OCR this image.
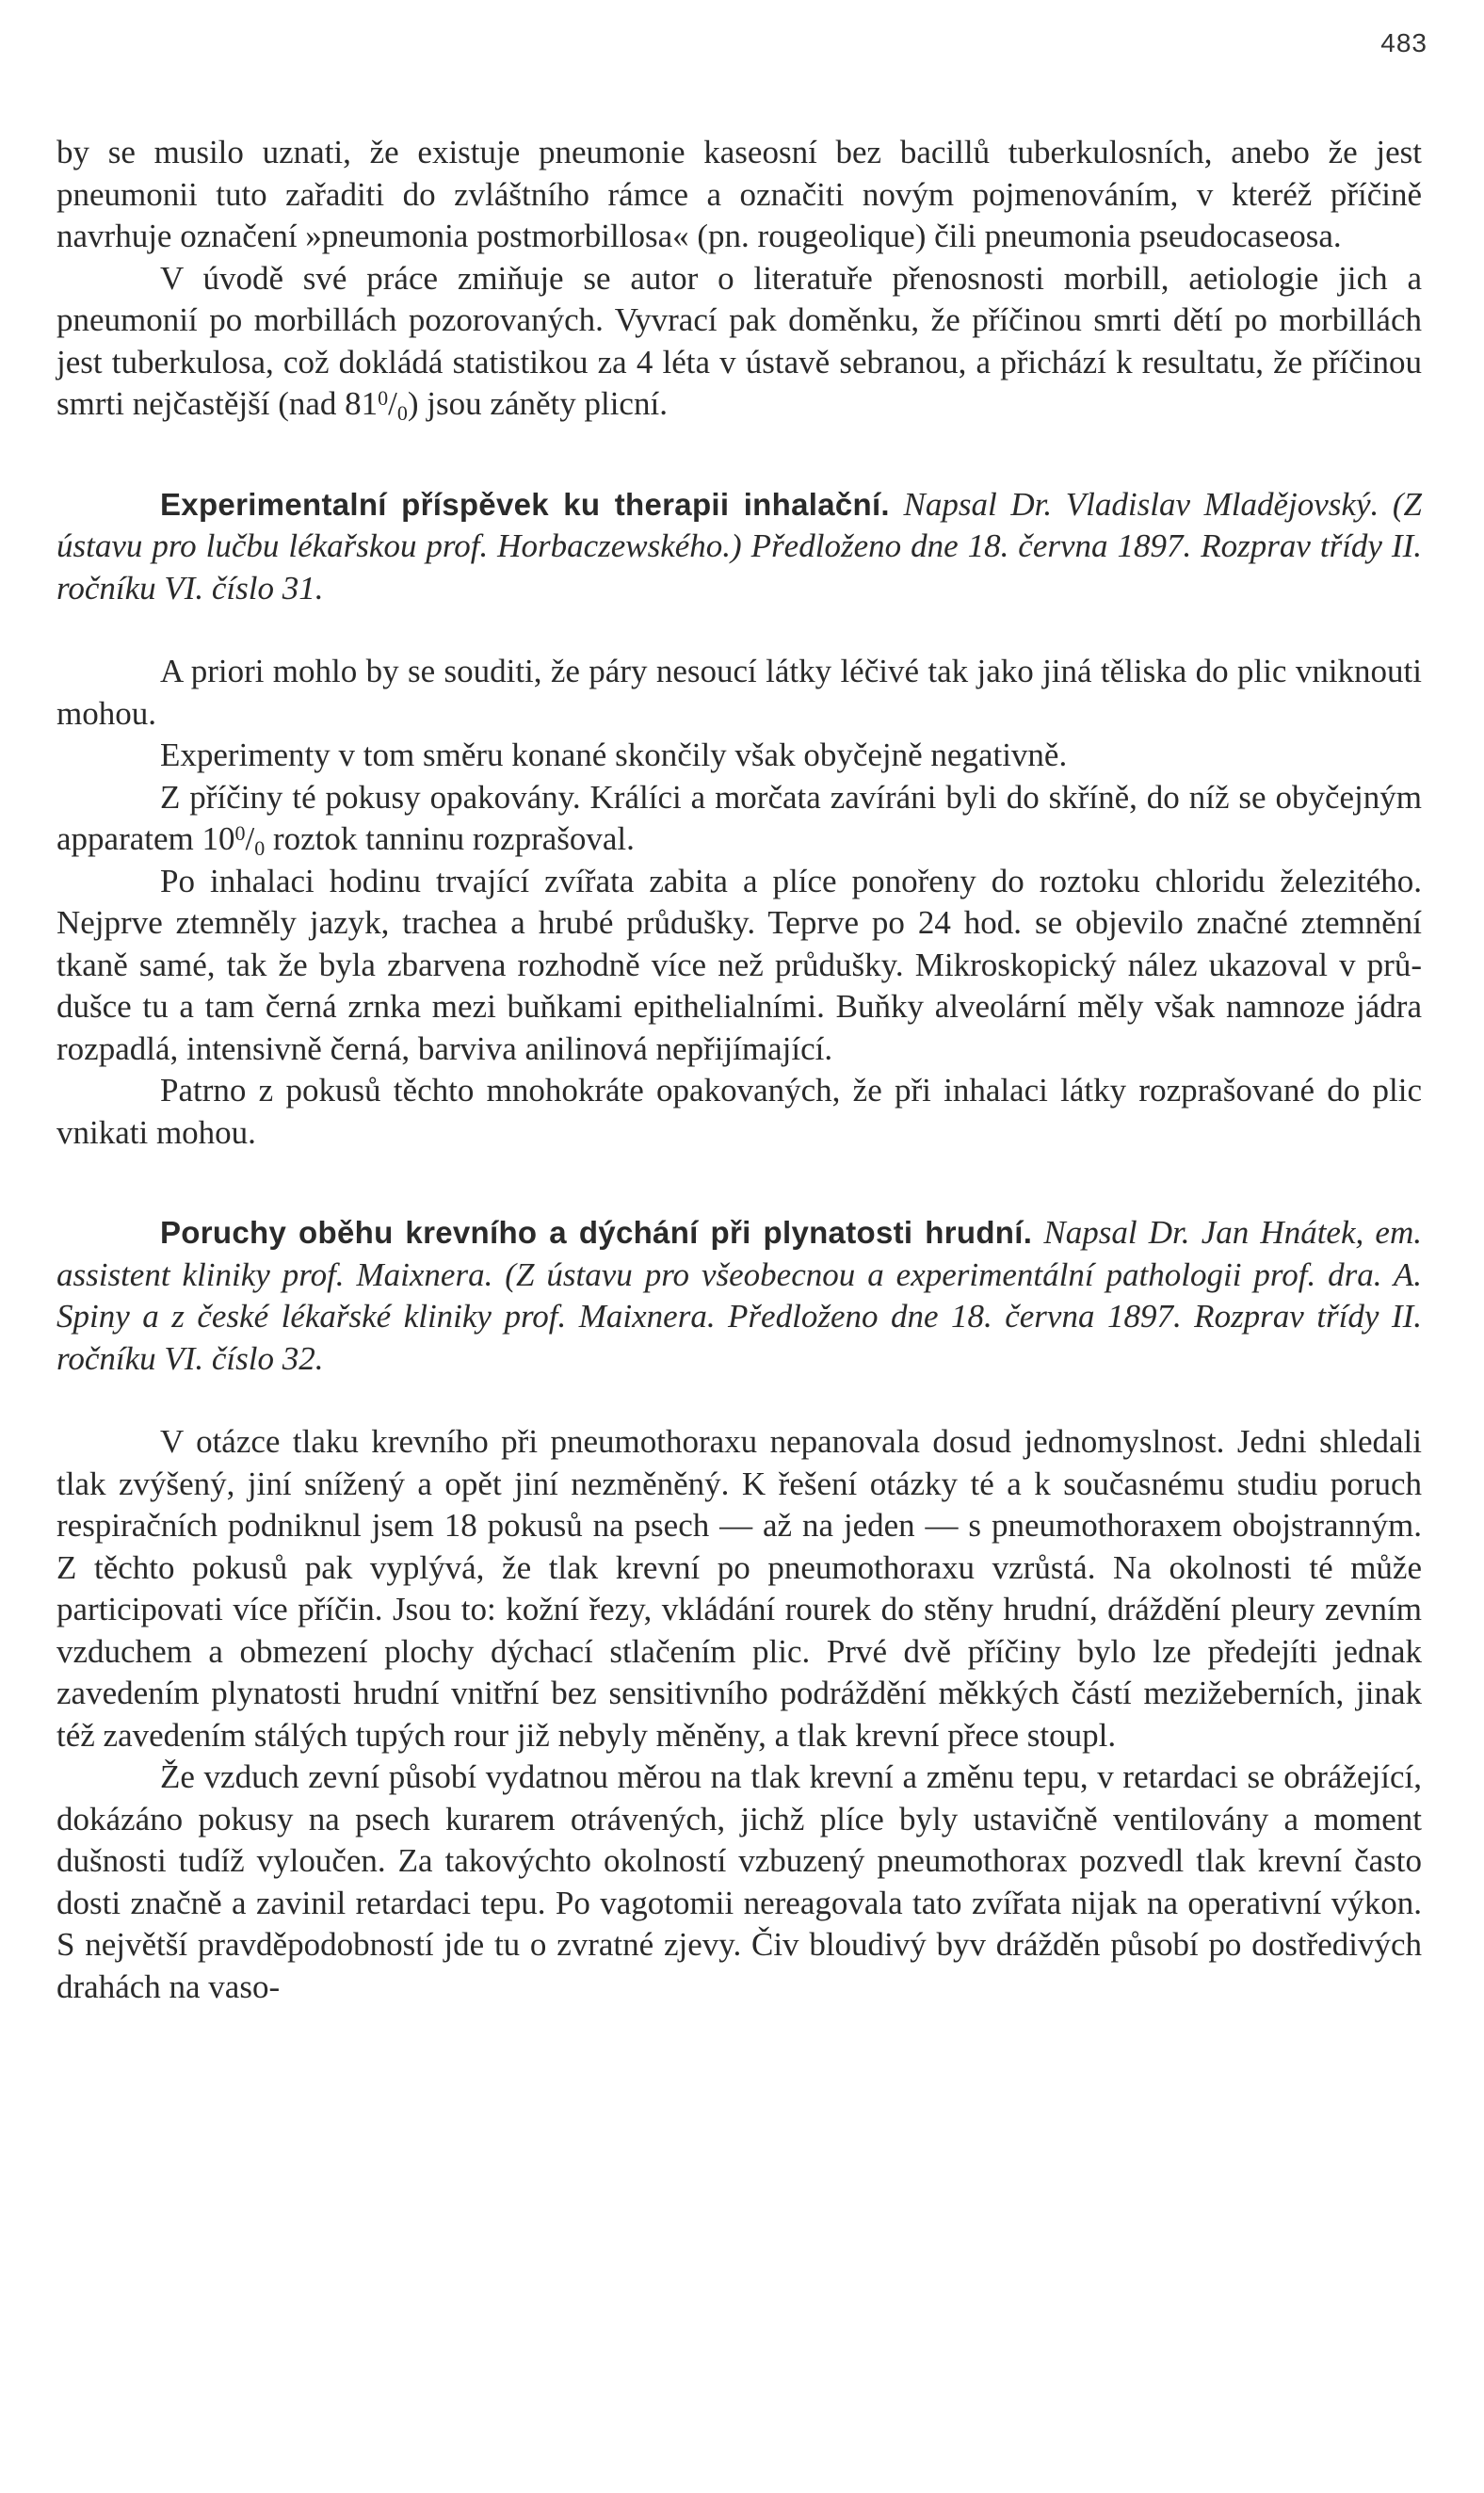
483

by se musilo uznati, že existuje pneumonie kaseosní bez bacillů tuberkulosních, anebo že jest pneumonii tuto zařaditi do zvláštního rámce a označiti novým pojmenováním, v kteréž příčině navrhuje označení »pneumonia postmorbillosa« (pn. rougeolique) čili pneumonia pseudocaseosa.

V úvodě své práce zmiňuje se autor o literatuře přenosnosti morbill, aetiologie jich a pneumonií po morbillách pozorovaných. Vyvrací pak doměnku, že příčinou smrti dětí po morbillách jest tuberkulosa, což dokládá statistikou za 4 léta v ústavě sebranou, a přichází k resultatu, že příčinou smrti nejčastější (nad $81^0/_0$) jsou záněty plicní.

Experimentalní příspěvek ku therapii inhalační. Napsal Dr. Vladislav Mladějovský. (Z ústavu pro lučbu lékařskou prof. Horbaczewského.) Předloženo dne 18. června 1897. Rozprav třídy II. ročníku VI. číslo 31.

A priori mohlo by se souditi, že páry nesoucí látky léčivé tak jako jiná těliska do plic vniknouti mohou.

Experimenty v tom směru konané skončily však obyčejně negativně.

Z příčiny té pokusy opakovány. Králíci a morčata zavíráni byli do skříně, do níž se obyčejným apparatem $10^0/_0$ roztok tanninu rozprašoval.

Po inhalaci hodinu trvající zvířata zabita a plíce ponořeny do roztoku chloridu železitého. Nejprve ztemněly jazyk, trachea a hrubé průdušky. Teprve po 24 hod. se objevilo značné ztemnění tkaně samé, tak že byla zbarvena rozhodně více než průdušky. Mikroskopický nález ukazoval v průdušce tu a tam černá zrnka mezi buňkami epithelialními. Buňky alveolární měly však namnoze jádra rozpadlá, intensivně černá, barviva anilinová nepřijímající.

Patrno z pokusů těchto mnohokráte opakovaných, že při inhalaci látky rozprašované do plic vnikati mohou.

Poruchy oběhu krevního a dýchání při plynatosti hrudní. Napsal Dr. Jan Hnátek, em. assistent kliniky prof. Maixnera. (Z ústavu pro všeobecnou a experimentální pathologii prof. dra. A. Spiny a z české lékařské kliniky prof. Maixnera. Předloženo dne 18. června 1897. Rozprav třídy II. ročníku VI. číslo 32.

V otázce tlaku krevního při pneumothoraxu nepanovala dosud jednomyslnost. Jedni shledali tlak zvýšený, jiní snížený a opět jiní nezměněný. K řešení otázky té a k současnému studiu poruch respiračních podniknul jsem 18 pokusů na psech — až na jeden — s pneumothoraxem obojstranným. Z těchto pokusů pak vyplývá, že tlak krevní po pneumothoraxu vzrůstá. Na okolnosti té může participovati více příčin. Jsou to: kožní řezy, vkládání rourek do stěny hrudní, dráždění pleury zevním vzduchem a obmezení plochy dýchací stlačením plic. Prvé dvě příčiny bylo lze předejíti jednak zavedením plynatosti hrudní vnitřní bez sensitivního podráždění měkkých částí mezižeberních, jinak též zavedením stálých tupých rour již nebyly měněny, a tlak krevní přece stoupl.

Že vzduch zevní působí vydatnou měrou na tlak krevní a změnu tepu, v retardaci se obrážející, dokázáno pokusy na psech kurarem otrávených, jichž plíce byly ustavičně ventilovány a moment dušnosti tudíž vyloučen. Za takovýchto okolností vzbuzený pneumothorax pozvedl tlak krevní často dosti značně a zavinil retardaci tepu. Po vagotomii nereagovala tato zvířata nijak na operativní výkon. S největší pravděpodobností jde tu o zvratné zjevy. Čiv bloudivý byv drážděn působí po dostředivých drahách na vaso-
